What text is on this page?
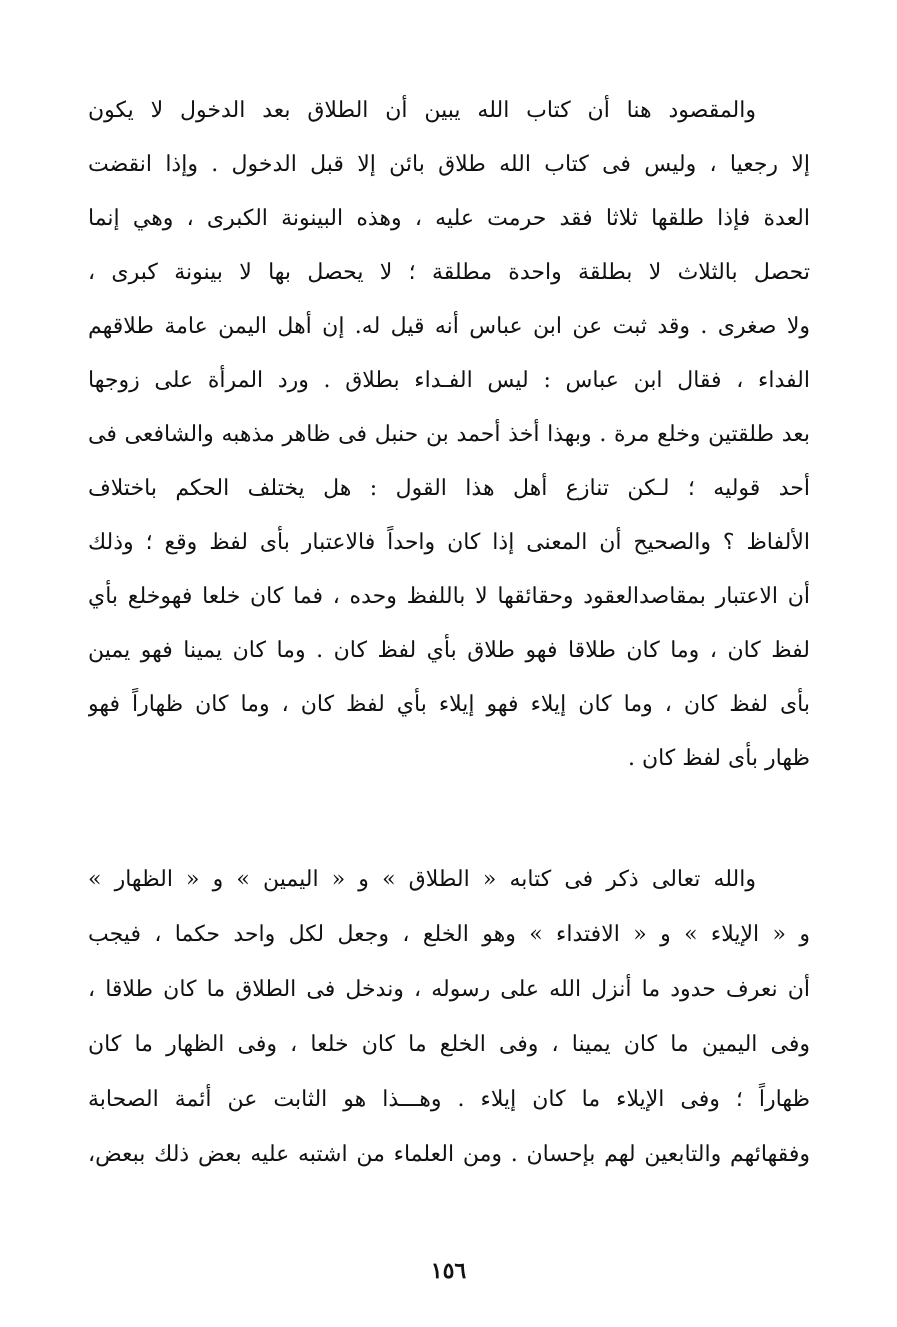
والمقصود هنا أن كتاب الله يبين أن الطلاق بعد الدخول لا يكون
إلا رجعيا ، وليس فى كتاب الله طلاق بائن إلا قبل الدخول . وإذا انقضت
العدة فإذا طلقها ثلاثا فقد حرمت عليه ، وهذه البينونة الكبرى ، وهي إنما
تحصل بالثلاث لا بطلقة واحدة مطلقة ؛ لا يحصل بها لا بينونة كبرى ،
ولا صغرى . وقد ثبت عن ابن عباس أنه قيل له. إن أهل اليمن عامة طلاقهم
الفداء ، فقال ابن عباس : ليس الفـداء بطلاق . ورد المرأة على زوجها
بعد طلقتين وخلع مرة . وبهذا أخذ أحمد بن حنبل فى ظاهر مذهبه والشافعى فى
أحد قوليه ؛ لـكن تنازع أهل هذا القول : هل يختلف الحكم باختلاف
الألفاظ ؟ والصحيح أن المعنى إذا كان واحداً فالاعتبار بأى لفظ وقع ؛ وذلك
أن الاعتبار بمقاصدالعقود وحقائقها لا باللفظ وحده ، فما كان خلعا فهوخلع بأي
لفظ كان ، وما كان طلاقا فهو طلاق بأي لفظ كان . وما كان يمينا فهو يمين
بأى لفظ كان ، وما كان إيلاء فهو إيلاء بأي لفظ كان ، وما كان ظهاراً فهو
ظهار بأى لفظ كان .
والله تعالى ذكر فى كتابه « الطلاق » و « اليمين » و « الظهار »
و « الإيلاء » و « الافتداء » وهو الخلع ، وجعل لكل واحد حكما ، فيجب
أن نعرف حدود ما أنزل الله على رسوله ، وندخل فى الطلاق ما كان طلاقا ،
وفى اليمين ما كان يمينا ، وفى الخلع ما كان خلعا ، وفى الظهار ما كان
ظهاراً ؛ وفى الإيلاء ما كان إيلاء . وهـــذا هو الثابت عن أئمة الصحابة
وفقهائهم والتابعين لهم بإحسان . ومن العلماء من اشتبه عليه بعض ذلك ببعض،
١٥٦
